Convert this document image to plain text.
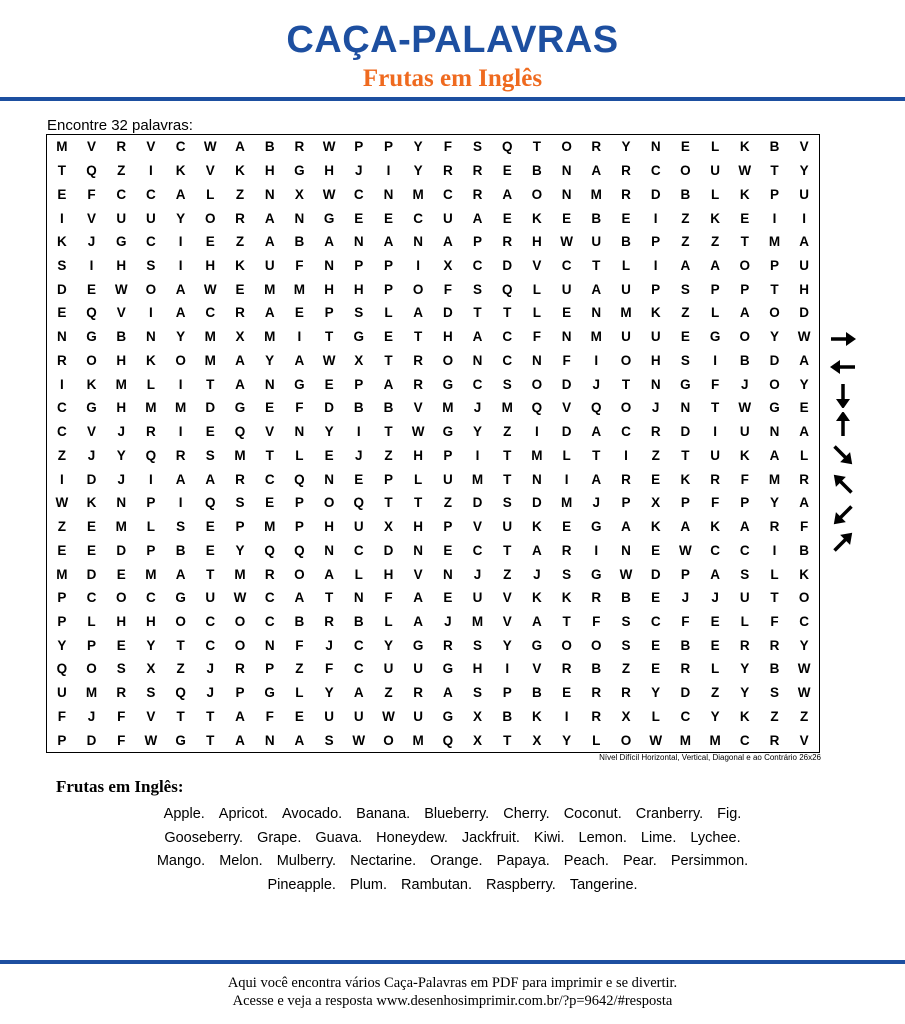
CAÇA-PALAVRAS
Frutas em Inglês
Encontre 32 palavras:
M	V	R	V	C	W	A	B	R	W	P	P	Y	F	S	Q	T	O	R	Y	N	E	L	K	B	V
T	Q	Z	I	K	V	K	H	G	H	J	I	Y	R	R	E	B	N	A	R	C	O	U	W	T	Y
E	F	C	C	A	L	Z	N	X	W	C	N	M	C	R	A	O	N	M	R	D	B	L	K	P	U
I	V	U	U	Y	O	R	A	N	G	E	E	C	U	A	E	K	E	B	E	I	Z	K	E	I	I
K	J	G	C	I	E	Z	A	B	A	N	A	N	A	P	R	H	W	U	B	P	Z	Z	T	M	A
S	I	H	S	I	H	K	U	F	N	P	P	I	X	C	D	V	C	T	L	I	A	A	O	P	U
D	E	W	O	A	W	E	M	M	H	H	P	O	F	S	Q	L	U	A	U	P	S	P	P	T	H
E	Q	V	I	A	C	R	A	E	P	S	L	A	D	T	T	L	E	N	M	K	Z	L	A	O	D
N	G	B	N	Y	M	X	M	I	T	G	E	T	H	A	C	F	N	M	U	U	E	G	O	Y	W
R	O	H	K	O	M	A	Y	A	W	X	T	R	O	N	C	N	F	I	O	H	S	I	B	D	A
I	K	M	L	I	T	A	N	G	E	P	A	R	G	C	S	O	D	J	T	N	G	F	J	O	Y
C	G	H	M	M	D	G	E	F	D	B	B	V	M	J	M	Q	V	Q	O	J	N	T	W	G	E
C	V	J	R	I	E	Q	V	N	Y	I	T	W	G	Y	Z	I	D	A	C	R	D	I	U	N	A
Z	J	Y	Q	R	S	M	T	L	E	J	Z	H	P	I	T	M	L	T	I	Z	T	U	K	A	L
I	D	J	I	A	A	R	C	Q	N	E	P	L	U	M	T	N	I	A	R	E	K	R	F	M	R
W	K	N	P	I	Q	S	E	P	O	Q	T	T	Z	D	S	D	M	J	P	X	P	F	P	Y	A
Z	E	M	L	S	E	P	M	P	H	U	X	H	P	V	U	K	E	G	A	K	A	K	A	R	F
E	E	D	P	B	E	Y	Q	Q	N	C	D	N	E	C	T	A	R	I	N	E	W	C	C	I	B
M	D	E	M	A	T	M	R	O	A	L	H	V	N	J	Z	J	S	G	W	D	P	A	S	L	K
P	C	O	C	G	U	W	C	A	T	N	F	A	E	U	V	K	K	R	B	E	J	J	U	T	O
P	L	H	H	O	C	O	C	B	R	B	L	A	J	M	V	A	T	F	S	C	F	E	L	F	C
Y	P	E	Y	T	C	O	N	F	J	C	Y	G	R	S	Y	G	O	O	S	E	B	E	R	R	Y
Q	O	S	X	Z	J	R	P	Z	F	C	U	U	G	H	I	V	R	B	Z	E	R	L	Y	B	W
U	M	R	S	Q	J	P	G	L	Y	A	Z	R	A	S	P	B	E	R	R	Y	D	Z	Y	S	W
F	J	F	V	T	T	A	F	E	U	U	W	U	G	X	B	K	I	R	X	L	C	Y	K	Z	Z
P	D	F	W	G	T	A	N	A	S	W	O	M	Q	X	T	X	Y	L	O	W	M	M	C	R	V
Nível Difícil Horizontal, Vertical, Diagonal e ao Contrário 26x26
Frutas em Inglês:
Apple. Apricot. Avocado. Banana. Blueberry. Cherry. Coconut. Cranberry. Fig.
Gooseberry. Grape. Guava. Honeydew. Jackfruit. Kiwi. Lemon. Lime. Lychee.
Mango. Melon. Mulberry. Nectarine. Orange. Papaya. Peach. Pear. Persimmon.
Pineapple. Plum. Rambutan. Raspberry. Tangerine.
Aqui você encontra vários Caça-Palavras em PDF para imprimir e se divertir.
Acesse e veja a resposta www.desenhosimprimir.com.br/?p=9642/#resposta
